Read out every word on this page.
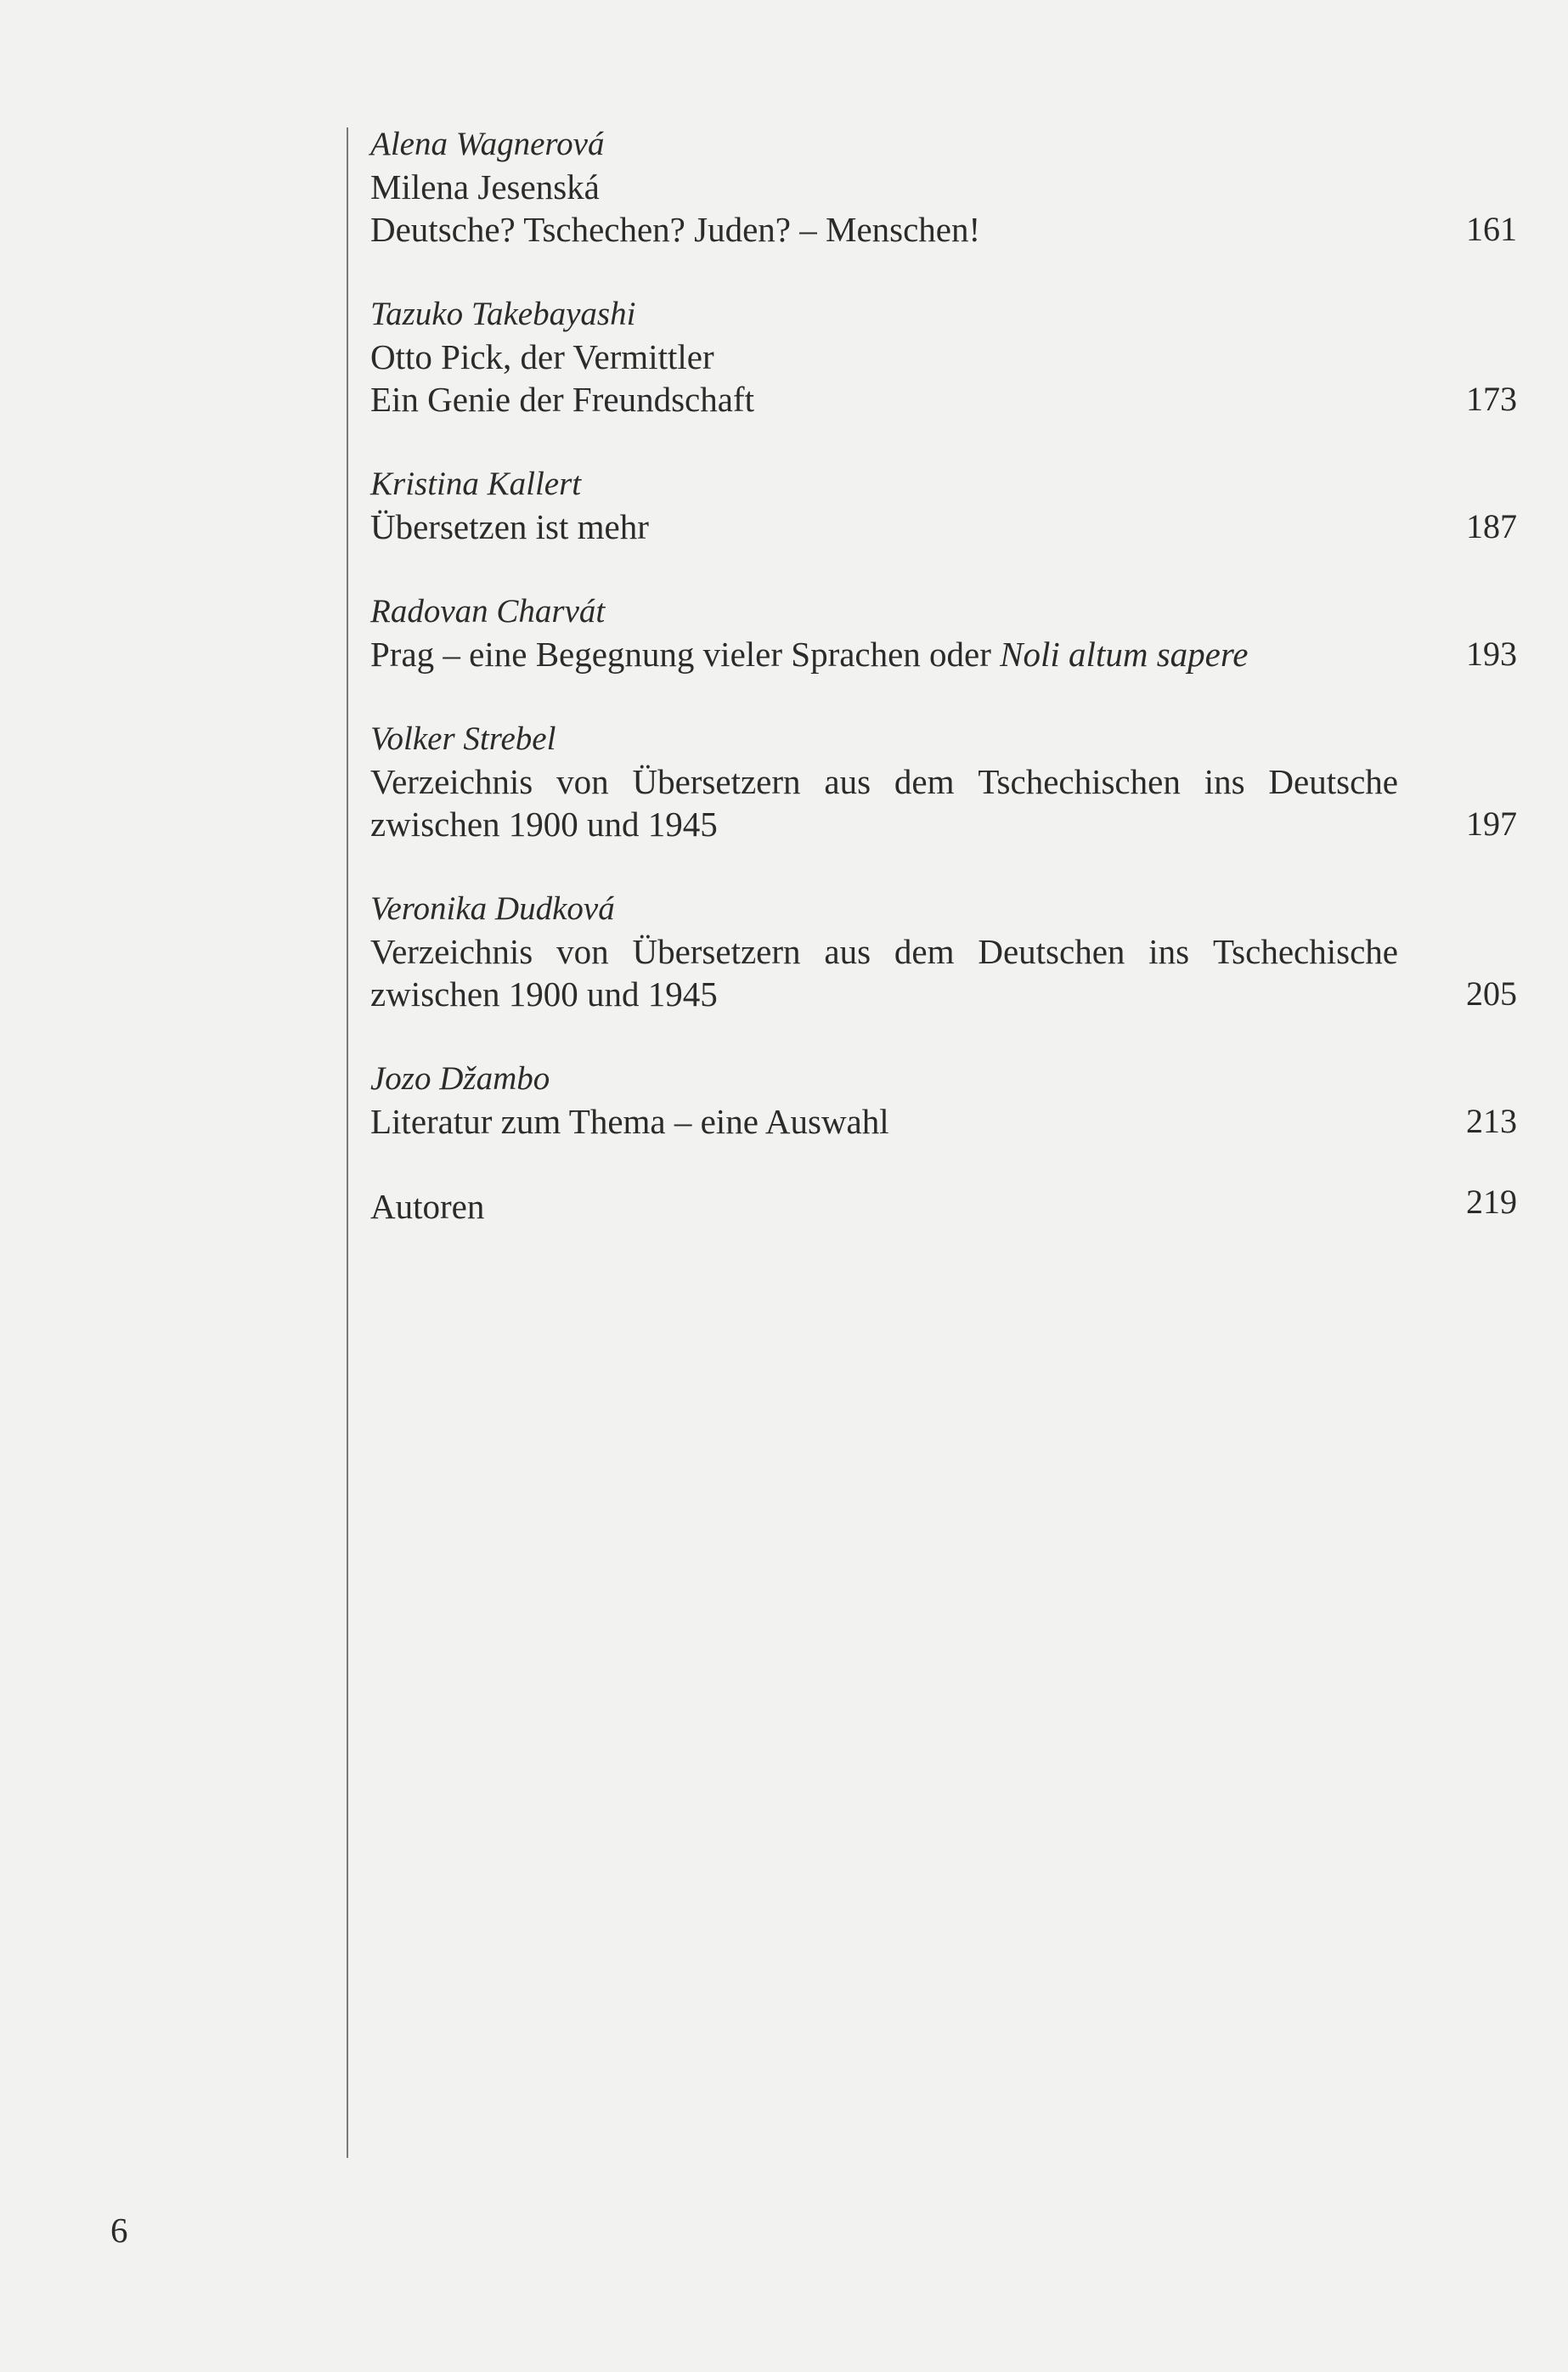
Alena Wagnerová
Milena Jesenská
Deutsche? Tschechen? Juden? – Menschen!	161
Tazuko Takebayashi
Otto Pick, der Vermittler
Ein Genie der Freundschaft	173
Kristina Kallert
Übersetzen ist mehr	187
Radovan Charvát
Prag – eine Begegnung vieler Sprachen oder Noli altum sapere	193
Volker Strebel
Verzeichnis von Übersetzern aus dem Tschechischen ins Deutsche
zwischen 1900 und 1945	197
Veronika Dudková
Verzeichnis von Übersetzern aus dem Deutschen ins Tschechische
zwischen 1900 und 1945	205
Jozo Džambo
Literatur zum Thema – eine Auswahl	213
Autoren	219
6
